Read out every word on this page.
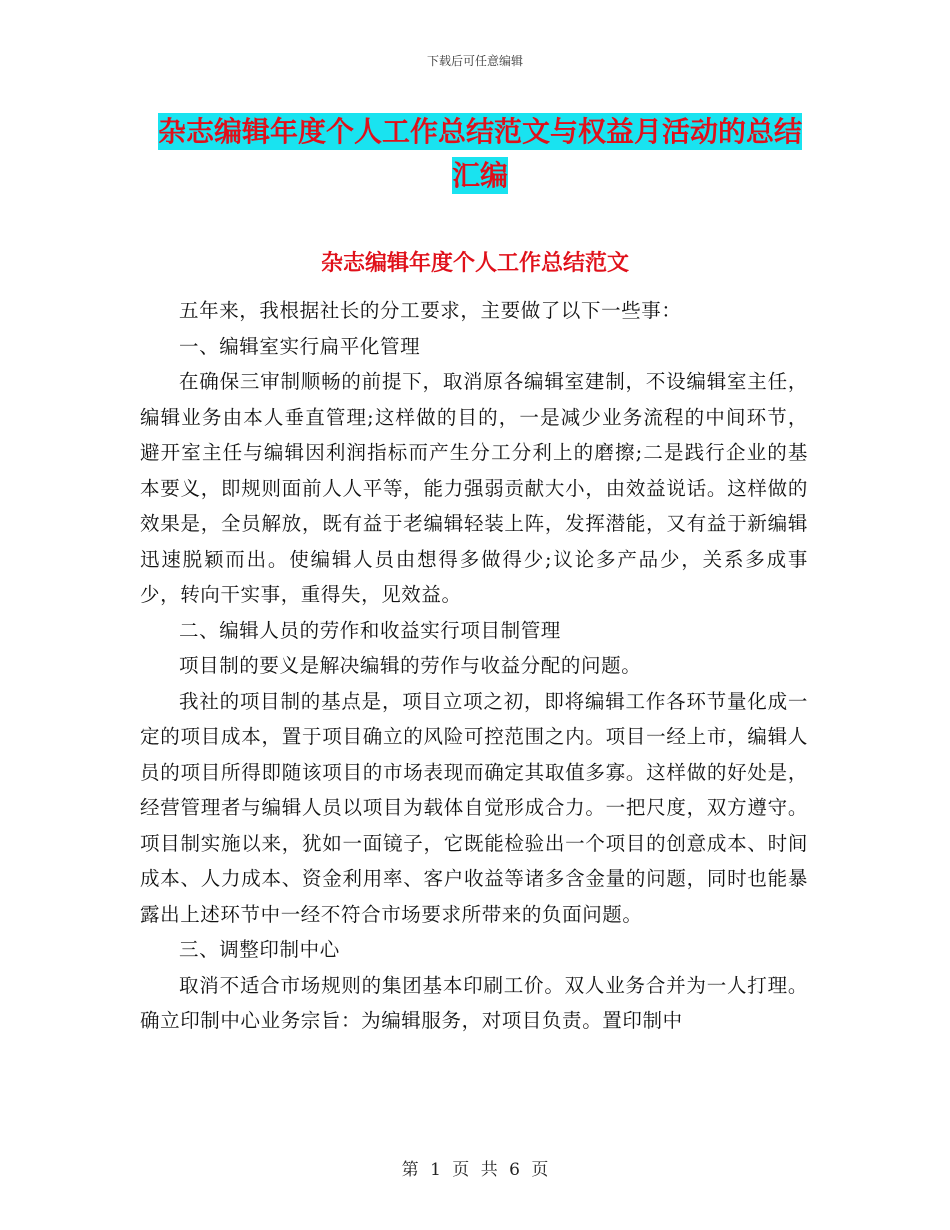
下载后可任意编辑
杂志编辑年度个人工作总结范文与权益月活动的总结
汇编
杂志编辑年度个人工作总结范文

五年来，我根据社长的分工要求，主要做了以下一些事：

一、编辑室实行扁平化管理

在确保三审制顺畅的前提下，取消原各编辑室建制，不设编辑室主任，编辑业务由本人垂直管理;这样做的目的，一是减少业务流程的中间环节，避开室主任与编辑因利润指标而产生分工分利上的磨擦;二是践行企业的基本要义，即规则面前人人平等，能力强弱贡献大小，由效益说话。这样做的效果是，全员解放，既有益于老编辑轻装上阵，发挥潜能，又有益于新编辑迅速脱颖而出。使编辑人员由想得多做得少;议论多产品少，关系多成事少，转向干实事，重得失，见效益。

二、编辑人员的劳作和收益实行项目制管理

项目制的要义是解决编辑的劳作与收益分配的问题。

我社的项目制的基点是，项目立项之初，即将编辑工作各环节量化成一定的项目成本，置于项目确立的风险可控范围之内。项目一经上市，编辑人员的项目所得即随该项目的市场表现而确定其取值多寡。这样做的好处是，经营管理者与编辑人员以项目为载体自觉形成合力。一把尺度，双方遵守。项目制实施以来，犹如一面镜子，它既能检验出一个项目的创意成本、时间成本、人力成本、资金利用率、客户收益等诸多含金量的问题，同时也能暴露出上述环节中一经不符合市场要求所带来的负面问题。

三、调整印制中心

取消不适合市场规则的集团基本印刷工价。双人业务合并为一人打理。确立印制中心业务宗旨：为编辑服务，对项目负责。置印制中

第 1 页 共 6 页
